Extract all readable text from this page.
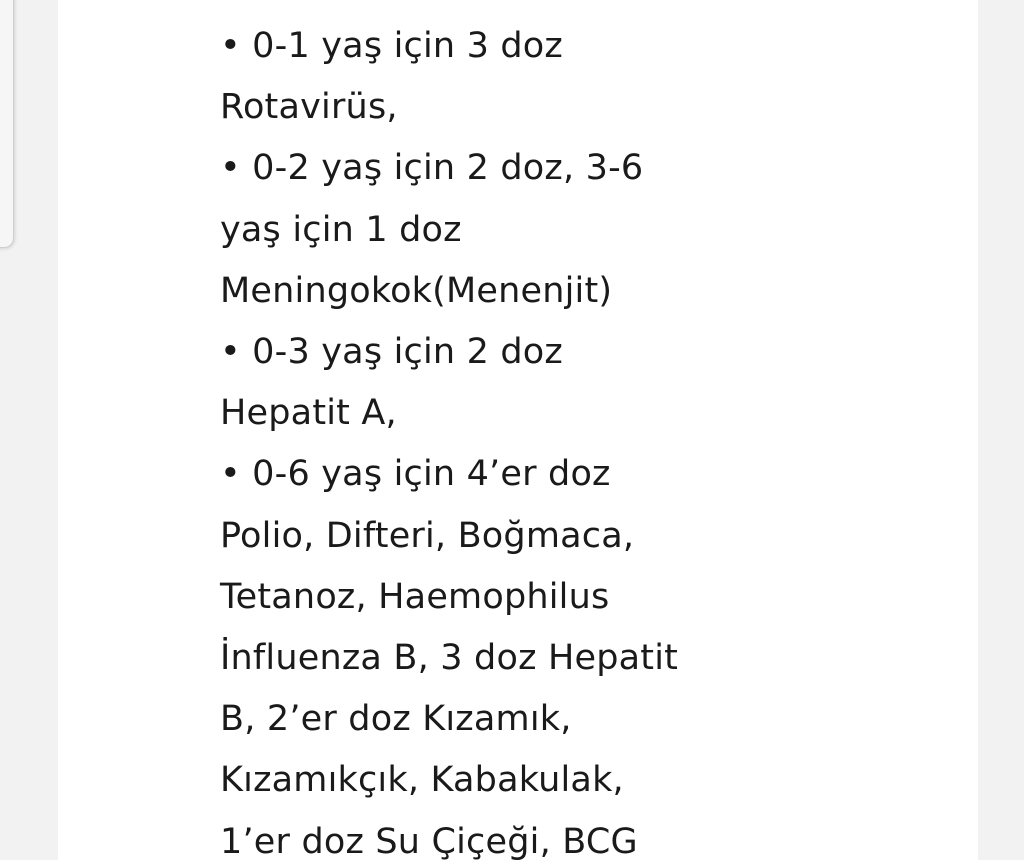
• 0-1 yaş için 3 doz
Rotavirüs,
• 0-2 yaş için 2 doz, 3-6
yaş için 1 doz
Meningokok(Menenjit)
• 0-3 yaş için 2 doz
Hepatit A,
• 0-6 yaş için 4’er doz
Polio, Difteri, Boğmaca,
Tetanoz, Haemophilus
İnfluenza B, 3 doz Hepatit
B, 2’er doz Kızamık,
Kızamıkçık, Kabakulak,
1’er doz Su Çiçeği, BCG
